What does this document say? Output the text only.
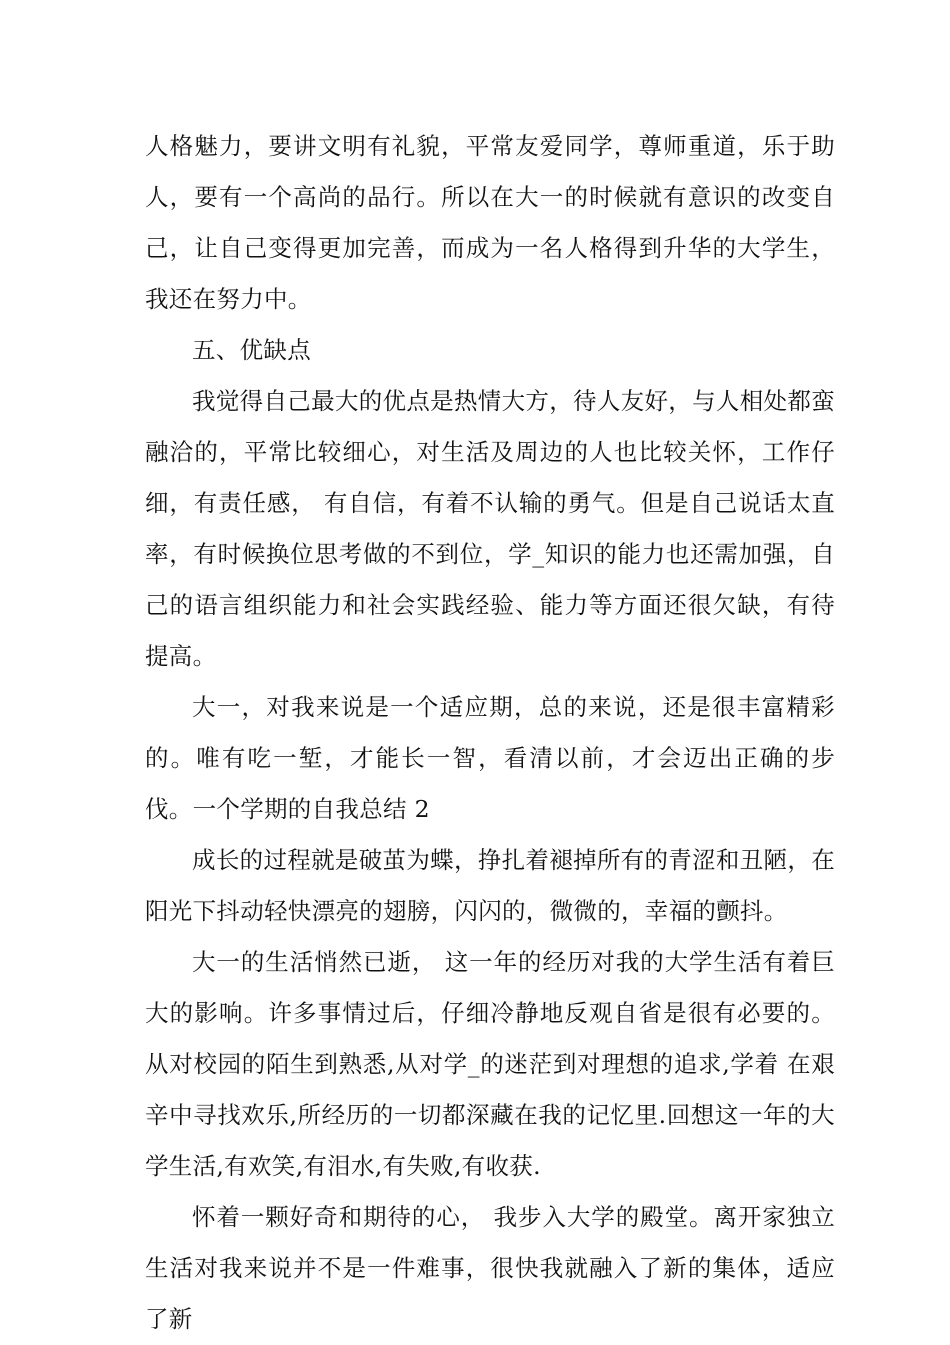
人格魅力，要讲文明有礼貌，平常友爱同学，尊师重道，乐于助人，要有一个高尚的品行。所以在大一的时候就有意识的改变自己，让自己变得更加完善，而成为一名人格得到升华的大学生，我还在努力中。

五、优缺点

我觉得自己最大的优点是热情大方，待人友好，与人相处都蛮融洽的，平常比较细心，对生活及周边的人也比较关怀，工作仔细，有责任感， 有自信，有着不认输的勇气。但是自己说话太直率，有时候换位思考做的不到位，学_知识的能力也还需加强，自己的语言组织能力和社会实践经验、能力等方面还很欠缺，有待提高。

大一，对我来说是一个适应期，总的来说，还是很丰富精彩的。唯有吃一堑，才能长一智，看清以前，才会迈出正确的步伐。一个学期的自我总结 2

成长的过程就是破茧为蝶，挣扎着褪掉所有的青涩和丑陋，在阳光下抖动轻快漂亮的翅膀，闪闪的，微微的，幸福的颤抖。

大一的生活悄然已逝， 这一年的经历对我的大学生活有着巨大的影响。许多事情过后，仔细冷静地反观自省是很有必要的。从对校园的陌生到熟悉,从对学_的迷茫到对理想的追求,学着 在艰辛中寻找欢乐,所经历的一切都深藏在我的记忆里.回想这一年的大学生活,有欢笑,有泪水,有失败,有收获.

怀着一颗好奇和期待的心， 我步入大学的殿堂。离开家独立生活对我来说并不是一件难事，很快我就融入了新的集体，适应了新
